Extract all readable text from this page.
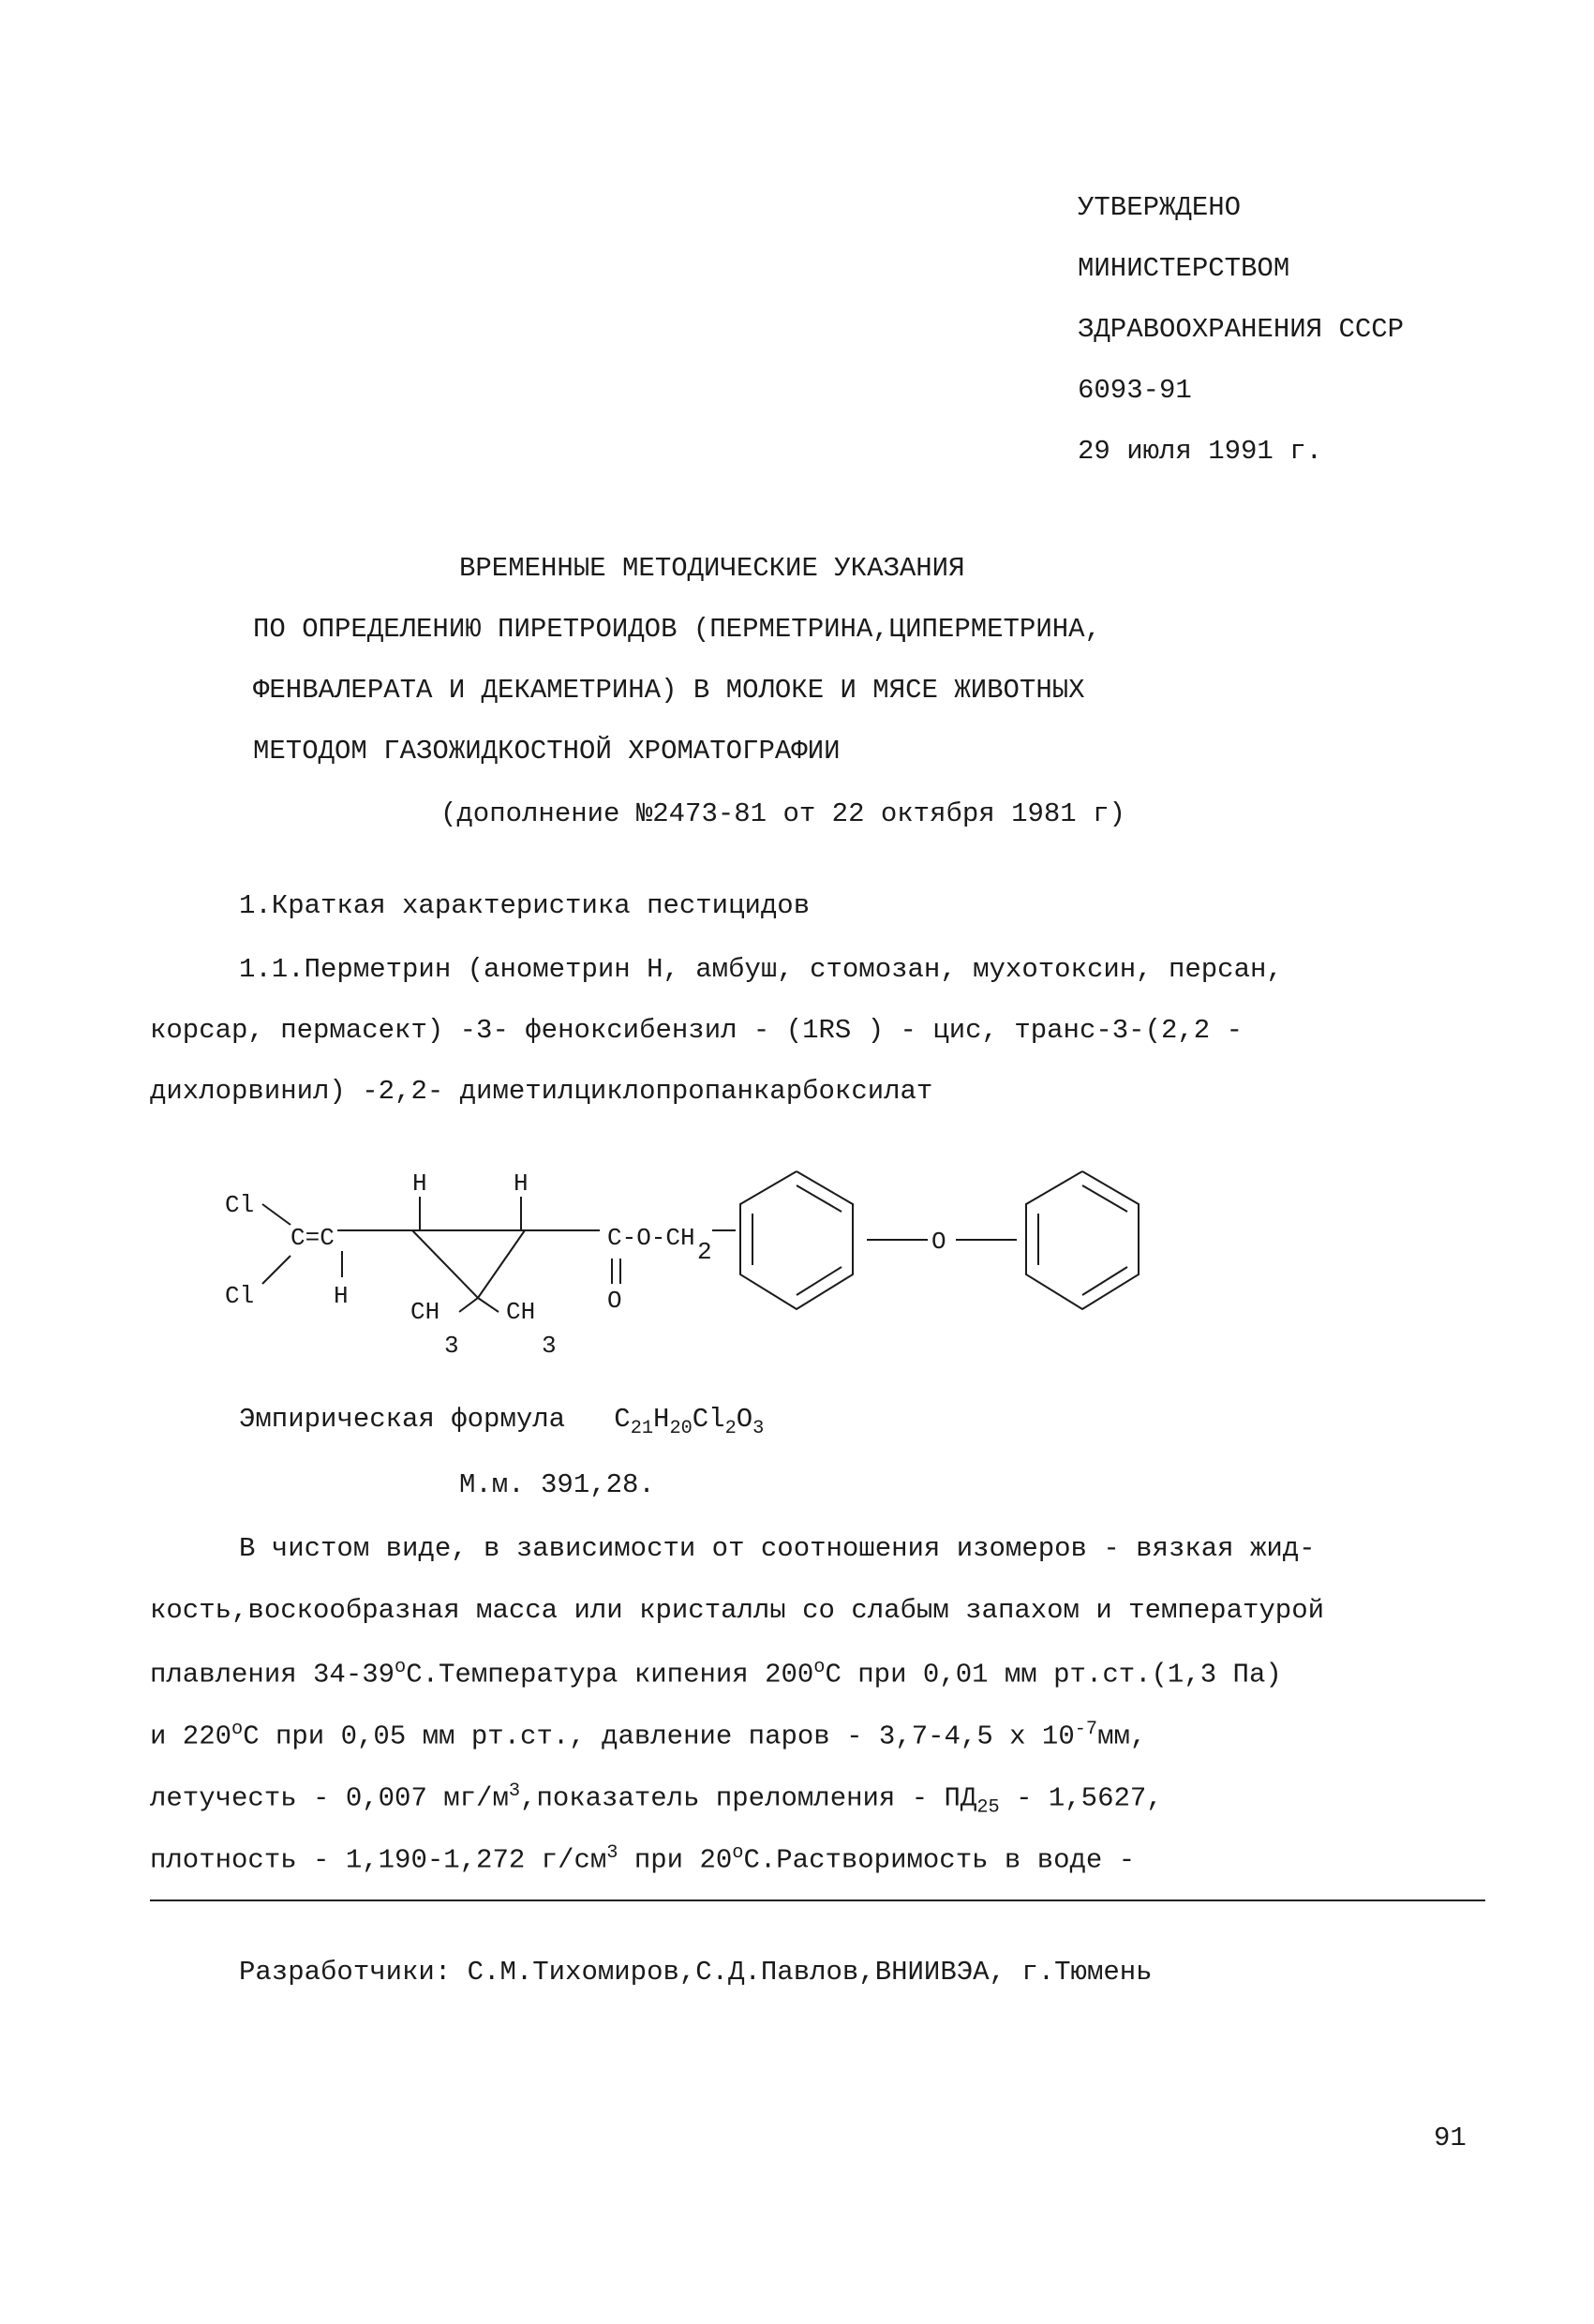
УТВЕРЖДЕНО
МИНИСТЕРСТВОМ
ЗДРАВООХРАНЕНИЯ СССР
6093-91
29 июля 1991 г.
ВРЕМЕННЫЕ МЕТОДИЧЕСКИЕ УКАЗАНИЯ
ПО ОПРЕДЕЛЕНИЮ ПИРЕТРОИДОВ (ПЕРМЕТРИНА,ЦИПЕРМЕТРИНА,
ФЕНВАЛЕРАТА И ДЕКАМЕТРИНА) В МОЛОКЕ И МЯСЕ ЖИВОТНЫХ
МЕТОДОМ ГАЗОЖИДКОСТНОЙ ХРОМАТОГРАФИИ
(дополнение №2473-81 от 22 октября 1981 г)
1.Краткая характеристика пестицидов
1.1.Перметрин (анометрин Н, амбуш, стомозан, мухотоксин, персан,
корсар, пермасект) -3- феноксибензил - (1RS ) - цис, транс-3-(2,2 -
дихлорвинил) -2,2- диметилциклопропанкарбоксилат
Cl
Cl
C=C
H
H	H
CH
3
CH
3
C-O-CH 2
O
O
Эмпирическая формула $C_{21}H_{20}Cl_2O_3$
М.м. 391,28.
В чистом виде, в зависимости от соотношения изомеров - вязкая жид-
кость,воскообразная масса или кристаллы со слабым запахом и температурой
плавления 34-39$^o$С.Температура кипения 200$^o$С при 0,01 мм рт.ст.(1,3 Па)
и 220$^o$С при 0,05 мм рт.ст., давление паров - 3,7-4,5 х $10^{-7}мм$,
летучесть - 0,007 $мг/м^3,показатель$ преломления - $ПД_{25} - 1,5627$,
плотность - 1,190-1,272 $г/см^3$ при 20$^o$С.Растворимость в воде -
Разработчики: С.М.Тихомиров,С.Д.Павлов,ВНИИВЭА, г.Тюмень
91
